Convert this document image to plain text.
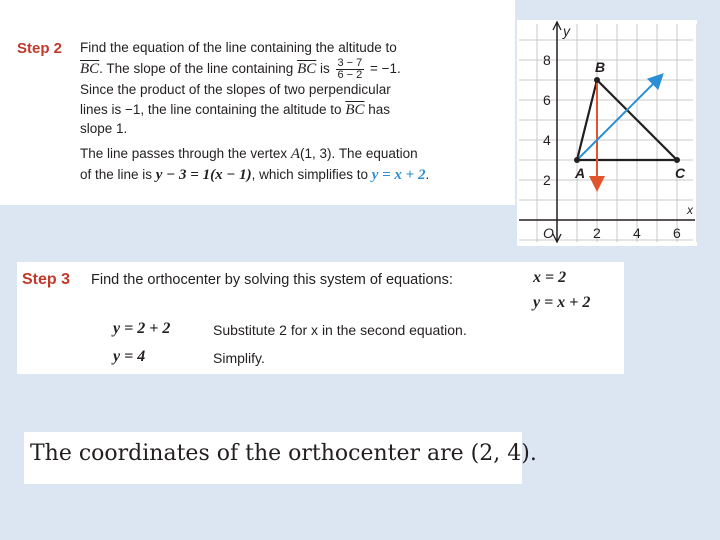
Step 2 Find the equation of the line containing the altitude to
$\overline{BC}$. The slope of the line containing $\overline{BC}$ is $\frac{3 - 7}{6 - 2} = -1$.
Since the product of the slopes of two perpendicular
lines is −1, the line containing the altitude to $\overline{BC}$ has
slope 1.
The line passes through the vertex A(1, 3). The equation
of the line is y − 3 = 1(x − 1), which simplifies to y = x + 2.
2 4 6
2
4
6
8
O
y
x
A
B
C
Step 3 Find the orthocenter by solving this system of equations:	x = 2
y = x + 2
y = 2 + 2	Substitute 2 for x in the second equation.
y = 4	Simplify.
The coordinates of the orthocenter are (2, 4).
